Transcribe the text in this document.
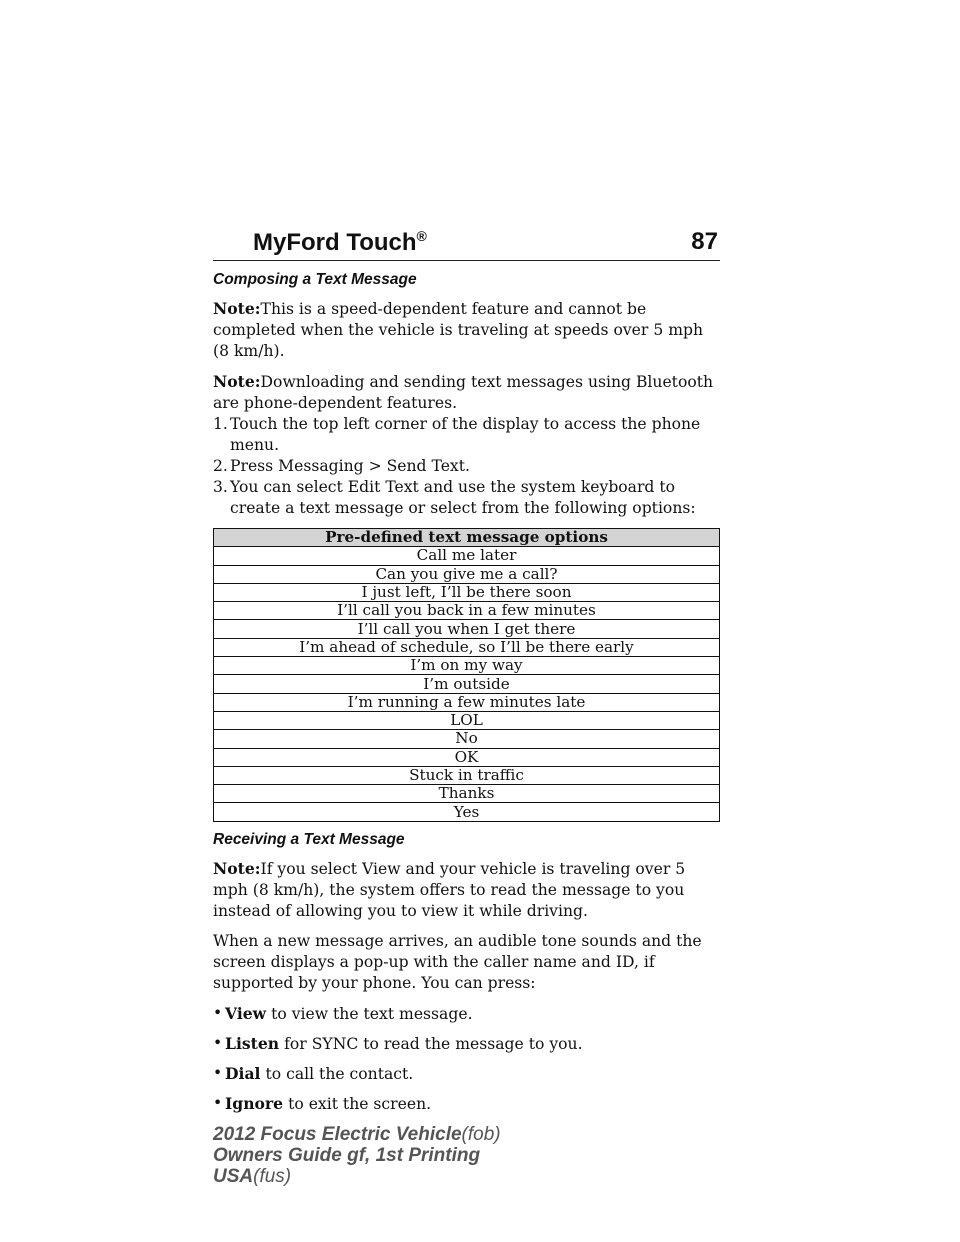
MyFord Touch®	87
Composing a Text Message

Note:This is a speed-dependent feature and cannot be completed when the vehicle is traveling at speeds over 5 mph (8 km/h).

Note:Downloading and sending text messages using Bluetooth are phone-dependent features.

1. Touch the top left corner of the display to access the phone menu.
2. Press Messaging > Send Text.
3. You can select Edit Text and use the system keyboard to create a text message or select from the following options:
Pre-defined text message options
Call me later
Can you give me a call?
I just left, I’ll be there soon
I’ll call you back in a few minutes
I’ll call you when I get there
I’m ahead of schedule, so I’ll be there early
I’m on my way
I’m outside
I’m running a few minutes late
LOL
No
OK
Stuck in traffic
Thanks
Yes
Receiving a Text Message

Note:If you select View and your vehicle is traveling over 5 mph (8 km/h), the system offers to read the message to you instead of allowing you to view it while driving.

When a new message arrives, an audible tone sounds and the screen displays a pop-up with the caller name and ID, if supported by your phone. You can press:

• View to view the text message.
• Listen for SYNC to read the message to you.
• Dial to call the contact.
• Ignore to exit the screen.
2012 Focus Electric Vehicle(fob)
Owners Guide gf, 1st Printing
USA(fus)
